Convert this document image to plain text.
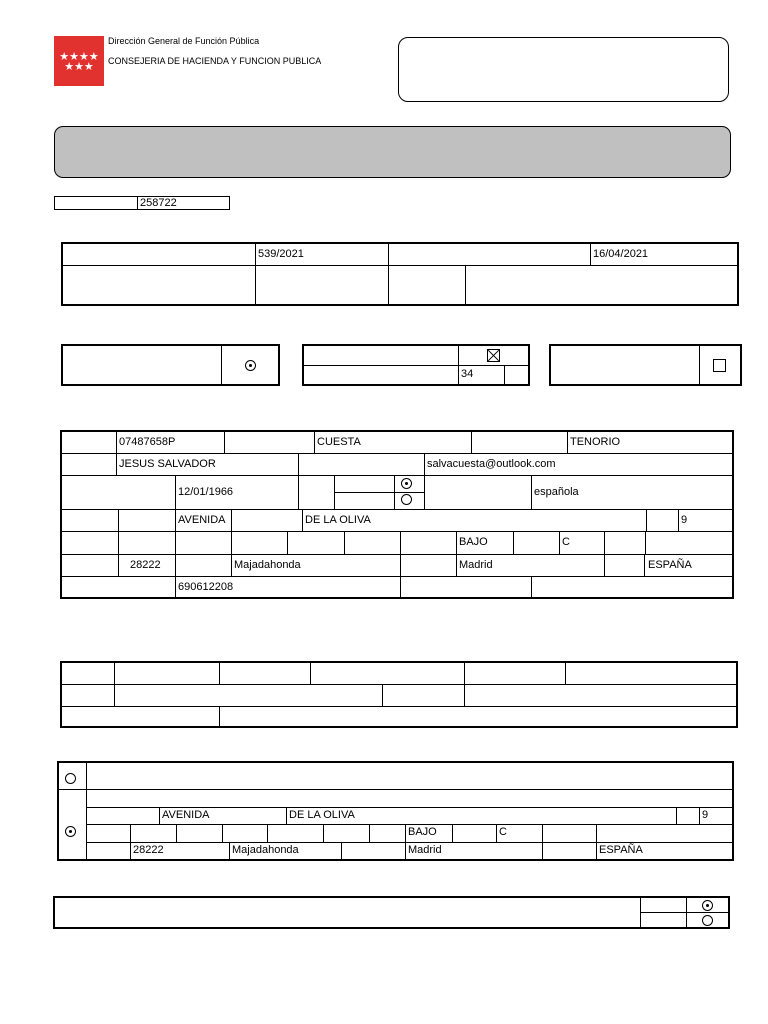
★★★★
★★★
Dirección General de Función Pública
CONSEJERIA DE HACIENDA Y FUNCION PUBLICA
258722
539/2021	16/04/2021
34
07487658P	CUESTA	TENORIO
JESUS SALVADOR	salvacuesta@outlook.com
12/01/1966	española
AVENIDA	DE LA OLIVA	9
BAJO	C
28222	Majadahonda	Madrid	ESPAÑA
690612208
AVENIDA	DE LA OLIVA	9
BAJO	C
28222	Majadahonda	Madrid	ESPAÑA
